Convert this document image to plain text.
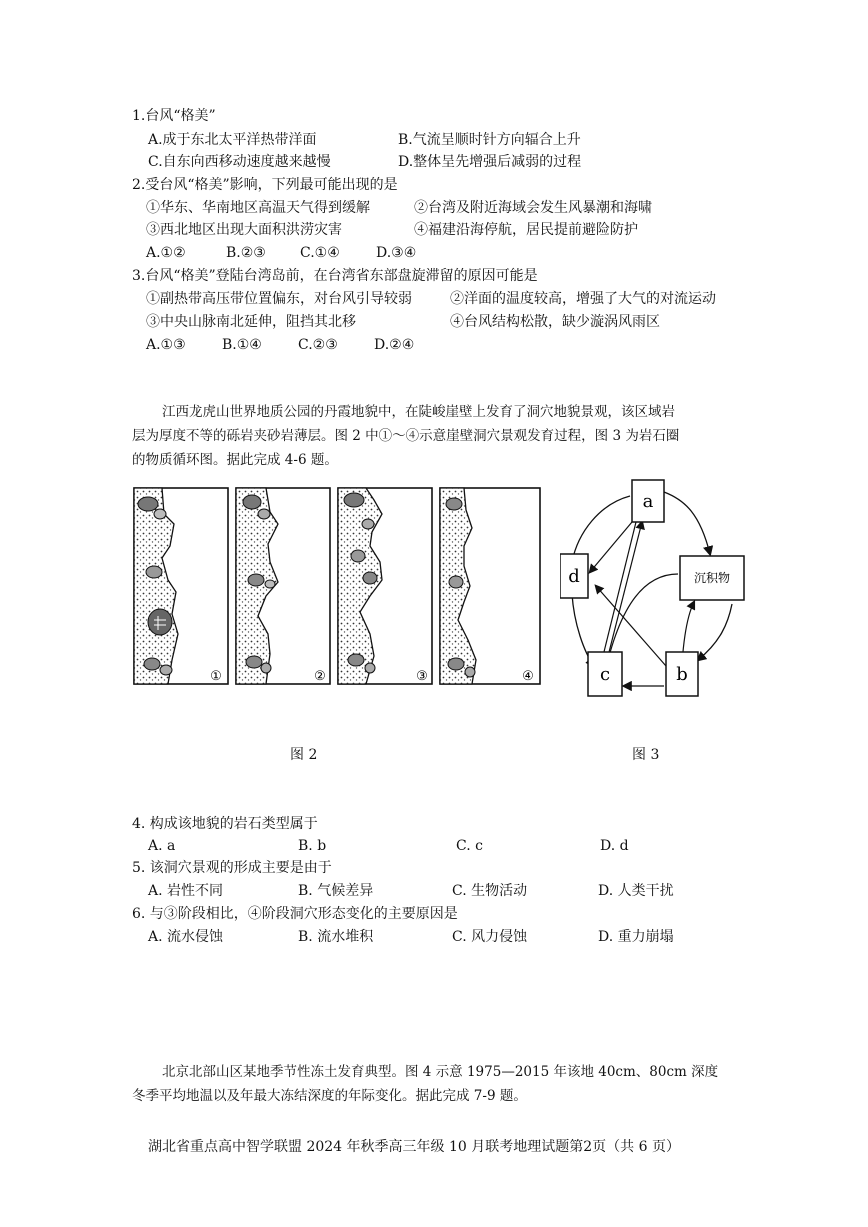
1.台风“格美”
A.成于东北太平洋热带洋面	B.气流呈顺时针方向辐合上升
C.自东向西移动速度越来越慢	D.整体呈先增强后减弱的过程
2.受台风“格美”影响，下列最可能出现的是
①华东、华南地区高温天气得到缓解	②台湾及附近海域会发生风暴潮和海啸
③西北地区出现大面积洪涝灾害	④福建沿海停航，居民提前避险防护
A.①②	B.②③ C.①④	D.③④
3.台风“格美”登陆台湾岛前，在台湾省东部盘旋滞留的原因可能是
①副热带高压带位置偏东，对台风引导较弱	②洋面的温度较高，增强了大气的对流运动
③中央山脉南北延伸，阻挡其北移	④台风结构松散，缺少漩涡风雨区
A.①③	B.①④	C.②③	D.②④
江西龙虎山世界地质公园的丹霞地貌中，在陡峻崖壁上发育了洞穴地貌景观，该区域岩
层为厚度不等的砾岩夹砂岩薄层。图 2 中①～④示意崖壁洞穴景观发育过程，图 3 为岩石圈
的物质循环图。据此完成 4-6 题。
①	②	③	④
a
d	沉积物
c	b
图 2	图 3
4. 构成该地貌的岩石类型属于
A. a	B. b	C. c	D. d
5. 该洞穴景观的形成主要是由于
A. 岩性不同	B. 气候差异	C. 生物活动	D. 人类干扰
6. 与③阶段相比，④阶段洞穴形态变化的主要原因是
A. 流水侵蚀	B. 流水堆积	C. 风力侵蚀	D. 重力崩塌
北京北部山区某地季节性冻土发育典型。图 4 示意 1975—2015 年该地 40cm、80cm 深度
冬季平均地温以及年最大冻结深度的年际变化。据此完成 7-9 题。
湖北省重点高中智学联盟 2024 年秋季高三年级 10 月联考地理试题第2页（共 6 页）
